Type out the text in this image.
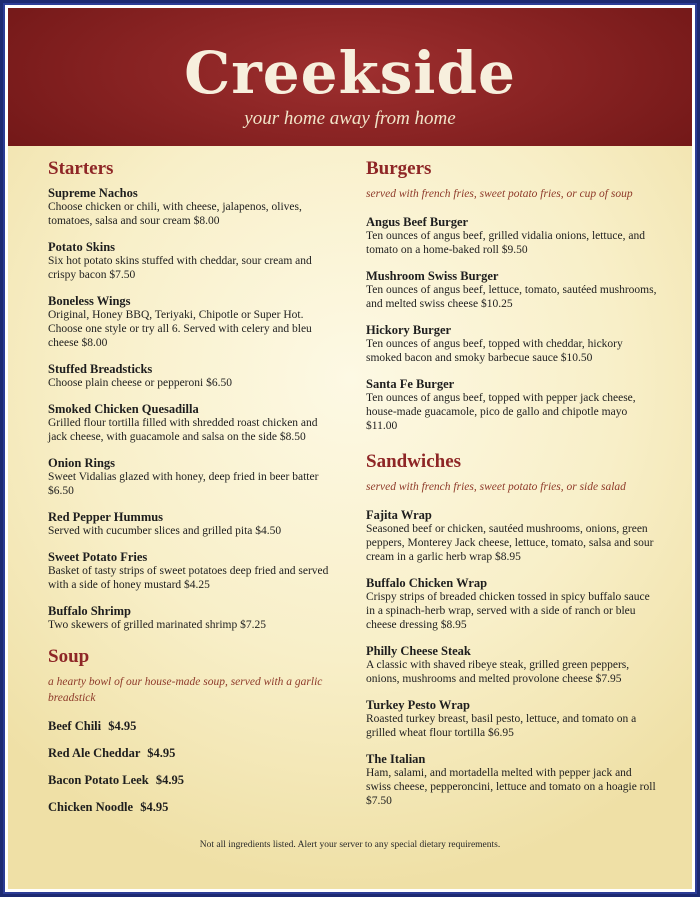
Creekside
your home away from home
Starters
Supreme Nachos
Choose chicken or chili, with cheese, jalapenos, olives, tomatoes, salsa and sour cream $8.00
Potato Skins
Six hot potato skins stuffed with cheddar, sour cream and crispy bacon $7.50
Boneless Wings
Original, Honey BBQ, Teriyaki, Chipotle or Super Hot. Choose one style or try all 6. Served with celery and bleu cheese $8.00
Stuffed Breadsticks
Choose plain cheese or pepperoni $6.50
Smoked Chicken Quesadilla
Grilled flour tortilla filled with shredded roast chicken and jack cheese, with guacamole and salsa on the side $8.50
Onion Rings
Sweet Vidalias glazed with honey, deep fried in beer batter $6.50
Red Pepper Hummus
Served with cucumber slices and grilled pita $4.50
Sweet Potato Fries
Basket of tasty strips of sweet potatoes deep fried and served with a side of honey mustard $4.25
Buffalo Shrimp
Two skewers of grilled marinated shrimp $7.25
Soup
a hearty bowl of our house-made soup, served with a garlic breadstick
Beef Chili $4.95
Red Ale Cheddar $4.95
Bacon Potato Leek $4.95
Chicken Noodle $4.95
Burgers
served with french fries, sweet potato fries, or cup of soup
Angus Beef Burger
Ten ounces of angus beef, grilled vidalia onions, lettuce, and tomato on a home-baked roll $9.50
Mushroom Swiss Burger
Ten ounces of angus beef, lettuce, tomato, sautéed mushrooms, and melted swiss cheese $10.25
Hickory Burger
Ten ounces of angus beef, topped with cheddar, hickory smoked bacon and smoky barbecue sauce $10.50
Santa Fe Burger
Ten ounces of angus beef, topped with pepper jack cheese, house-made guacamole, pico de gallo and chipotle mayo $11.00
Sandwiches
served with french fries, sweet potato fries, or side salad
Fajita Wrap
Seasoned beef or chicken, sautéed mushrooms, onions, green peppers, Monterey Jack cheese, lettuce, tomato, salsa and sour cream in a garlic herb wrap $8.95
Buffalo Chicken Wrap
Crispy strips of breaded chicken tossed in spicy buffalo sauce in a spinach-herb wrap, served with a side of ranch or bleu cheese dressing $8.95
Philly Cheese Steak
A classic with shaved ribeye steak, grilled green peppers, onions, mushrooms and melted provolone cheese $7.95
Turkey Pesto Wrap
Roasted turkey breast, basil pesto, lettuce, and tomato on a grilled wheat flour tortilla $6.95
The Italian
Ham, salami, and mortadella melted with pepper jack and swiss cheese, pepperoncini, lettuce and tomato on a hoagie roll $7.50
Not all ingredients listed. Alert your server to any special dietary requirements.
